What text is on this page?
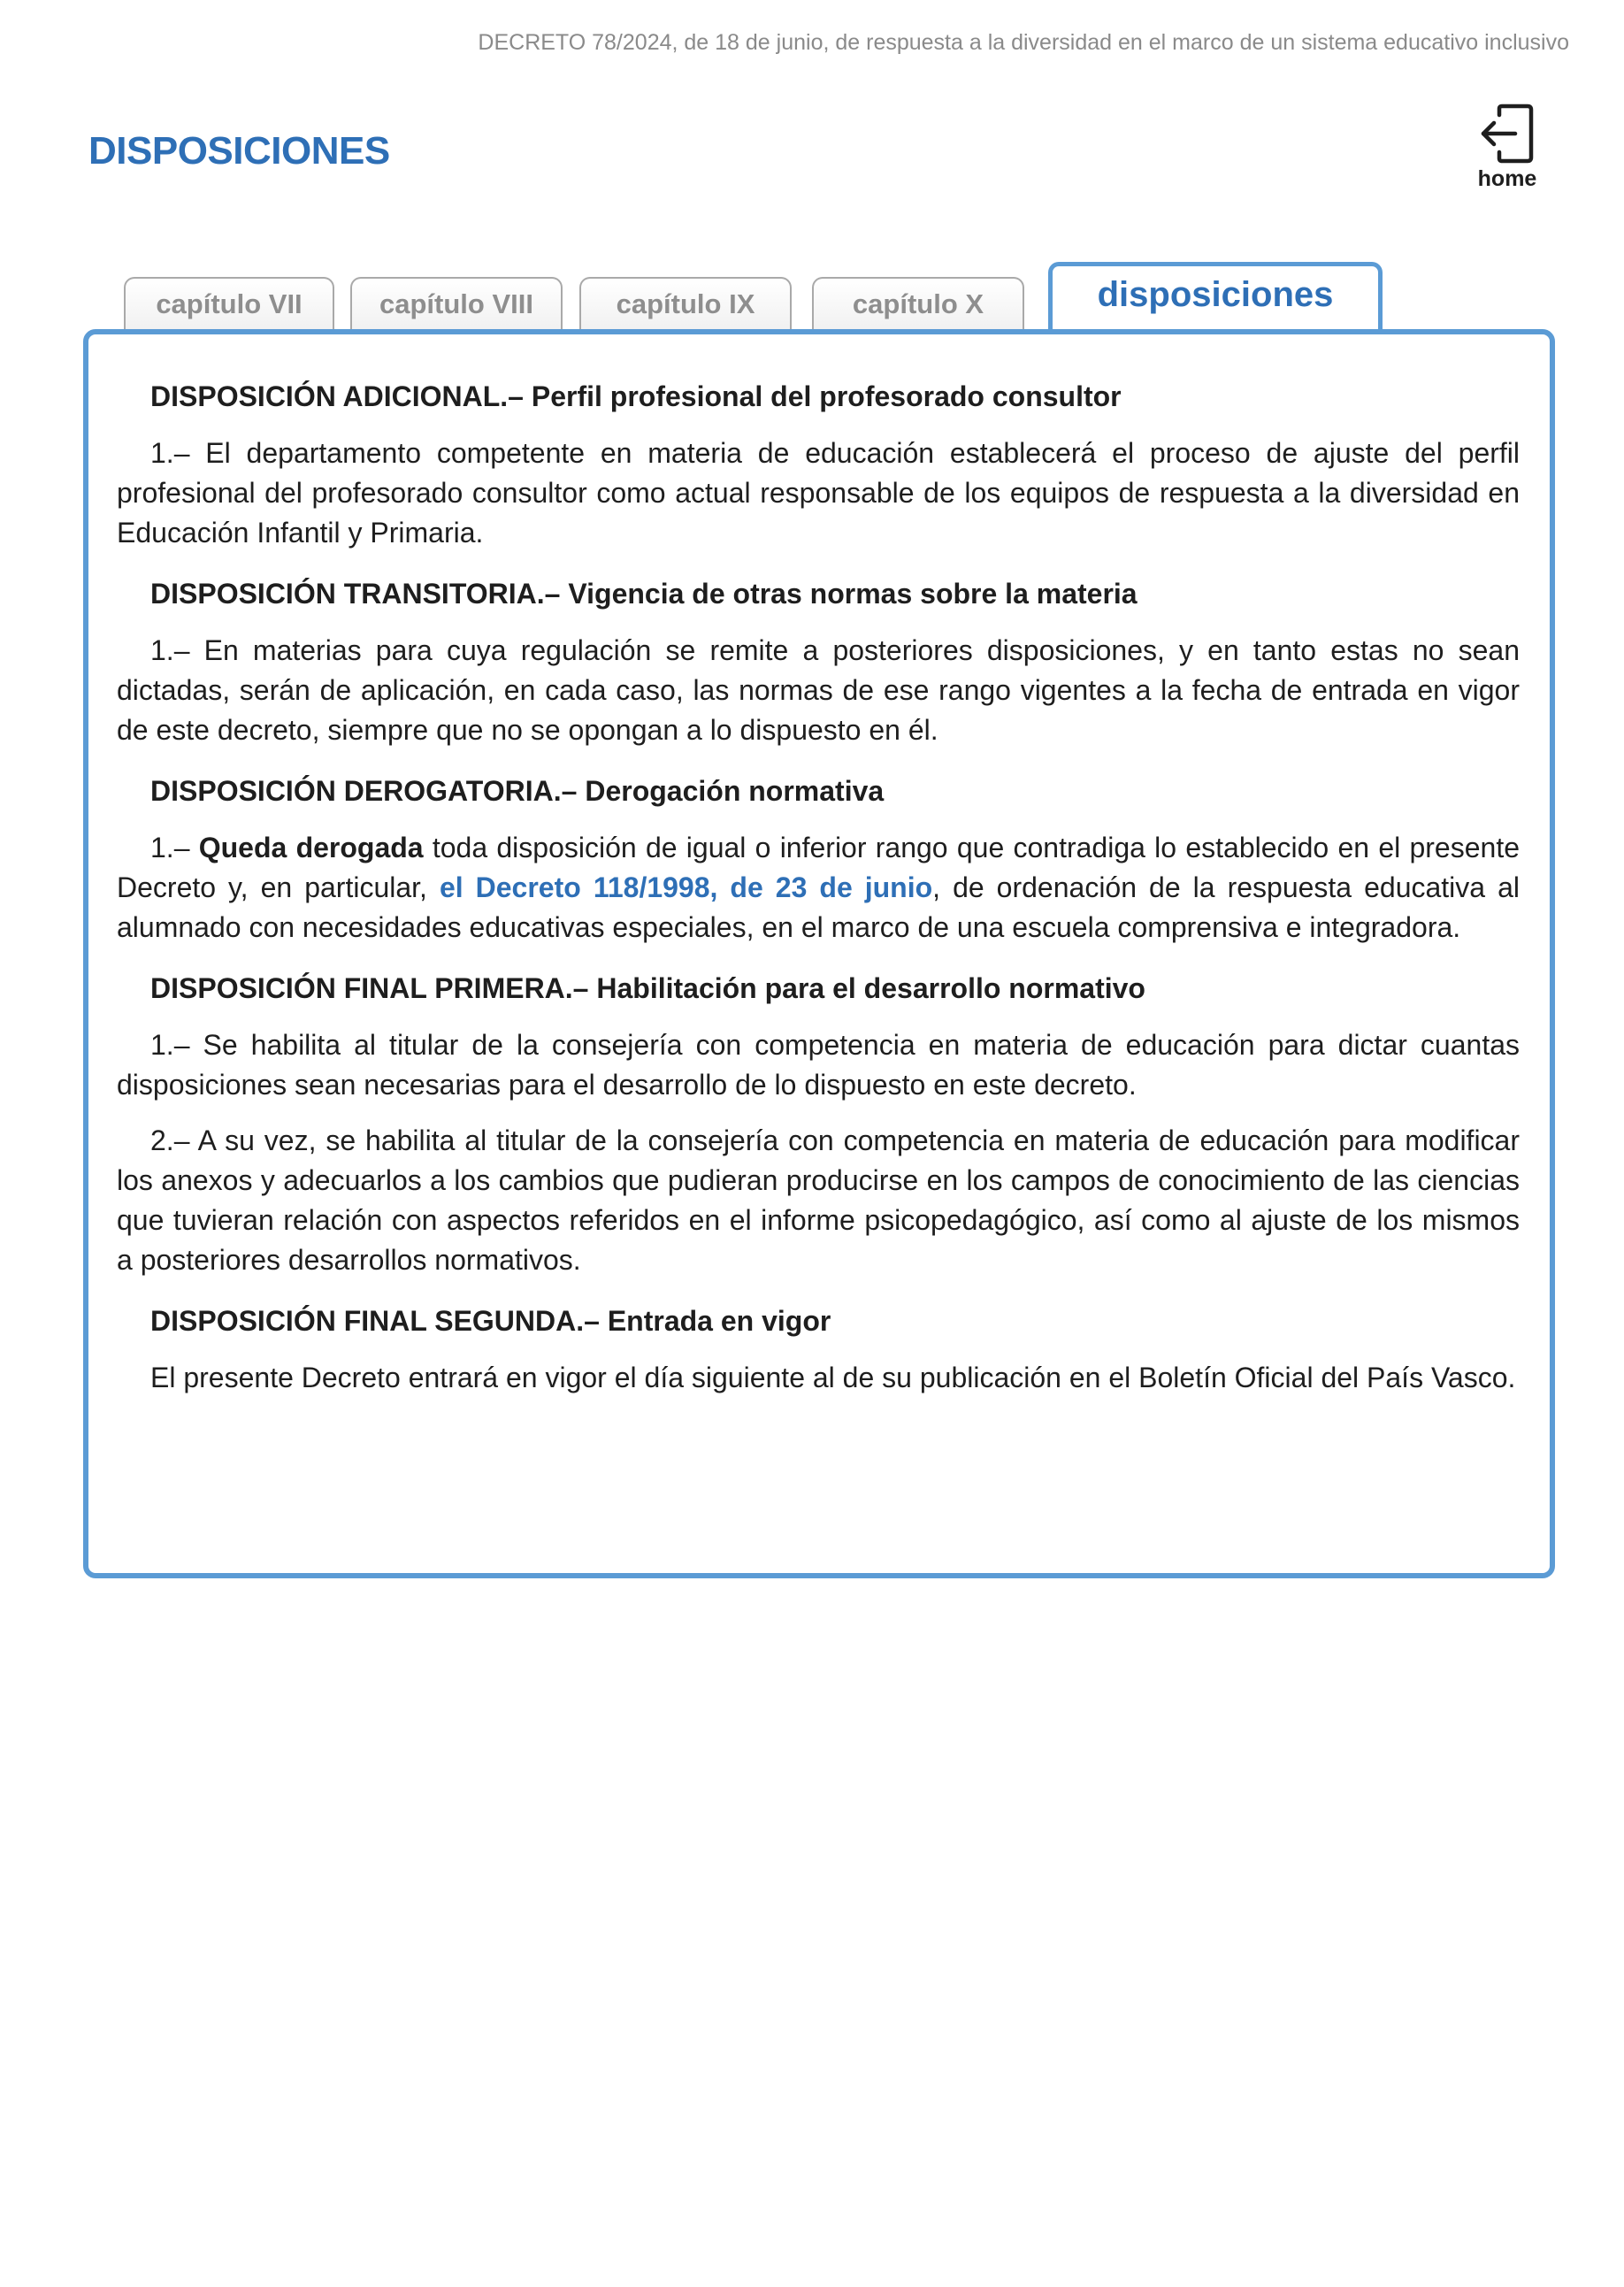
DECRETO 78/2024, de 18 de junio, de respuesta a la diversidad en el marco de un sistema educativo inclusivo
DISPOSICIONES
home
capítulo VII	capítulo VIII	capítulo IX	capítulo X	disposiciones
DISPOSICIÓN ADICIONAL.– Perfil profesional del profesorado consultor

1.– El departamento competente en materia de educación establecerá el proceso de ajuste del perfil profesional del profesorado consultor como actual responsable de los equipos de respuesta a la diversidad en Educación Infantil y Primaria.

DISPOSICIÓN TRANSITORIA.– Vigencia de otras normas sobre la materia

1.– En materias para cuya regulación se remite a posteriores disposiciones, y en tanto estas no sean dictadas, serán de aplicación, en cada caso, las normas de ese rango vigentes a la fecha de entrada en vigor de este decreto, siempre que no se opongan a lo dispuesto en él.

DISPOSICIÓN DEROGATORIA.– Derogación normativa

1.– Queda derogada toda disposición de igual o inferior rango que contradiga lo establecido en el presente Decreto y, en particular, el Decreto 118/1998, de 23 de junio, de ordenación de la respuesta educativa al alumnado con necesidades educativas especiales, en el marco de una escuela comprensiva e integradora.

DISPOSICIÓN FINAL PRIMERA.– Habilitación para el desarrollo normativo

1.– Se habilita al titular de la consejería con competencia en materia de educación para dictar cuantas disposiciones sean necesarias para el desarrollo de lo dispuesto en este decreto.

2.– A su vez, se habilita al titular de la consejería con competencia en materia de educación para modificar los anexos y adecuarlos a los cambios que pudieran producirse en los campos de conocimiento de las ciencias que tuvieran relación con aspectos referidos en el informe psicopedagógico, así como al ajuste de los mismos a posteriores desarrollos normativos.

DISPOSICIÓN FINAL SEGUNDA.– Entrada en vigor

El presente Decreto entrará en vigor el día siguiente al de su publicación en el Boletín Oficial del País Vasco.
